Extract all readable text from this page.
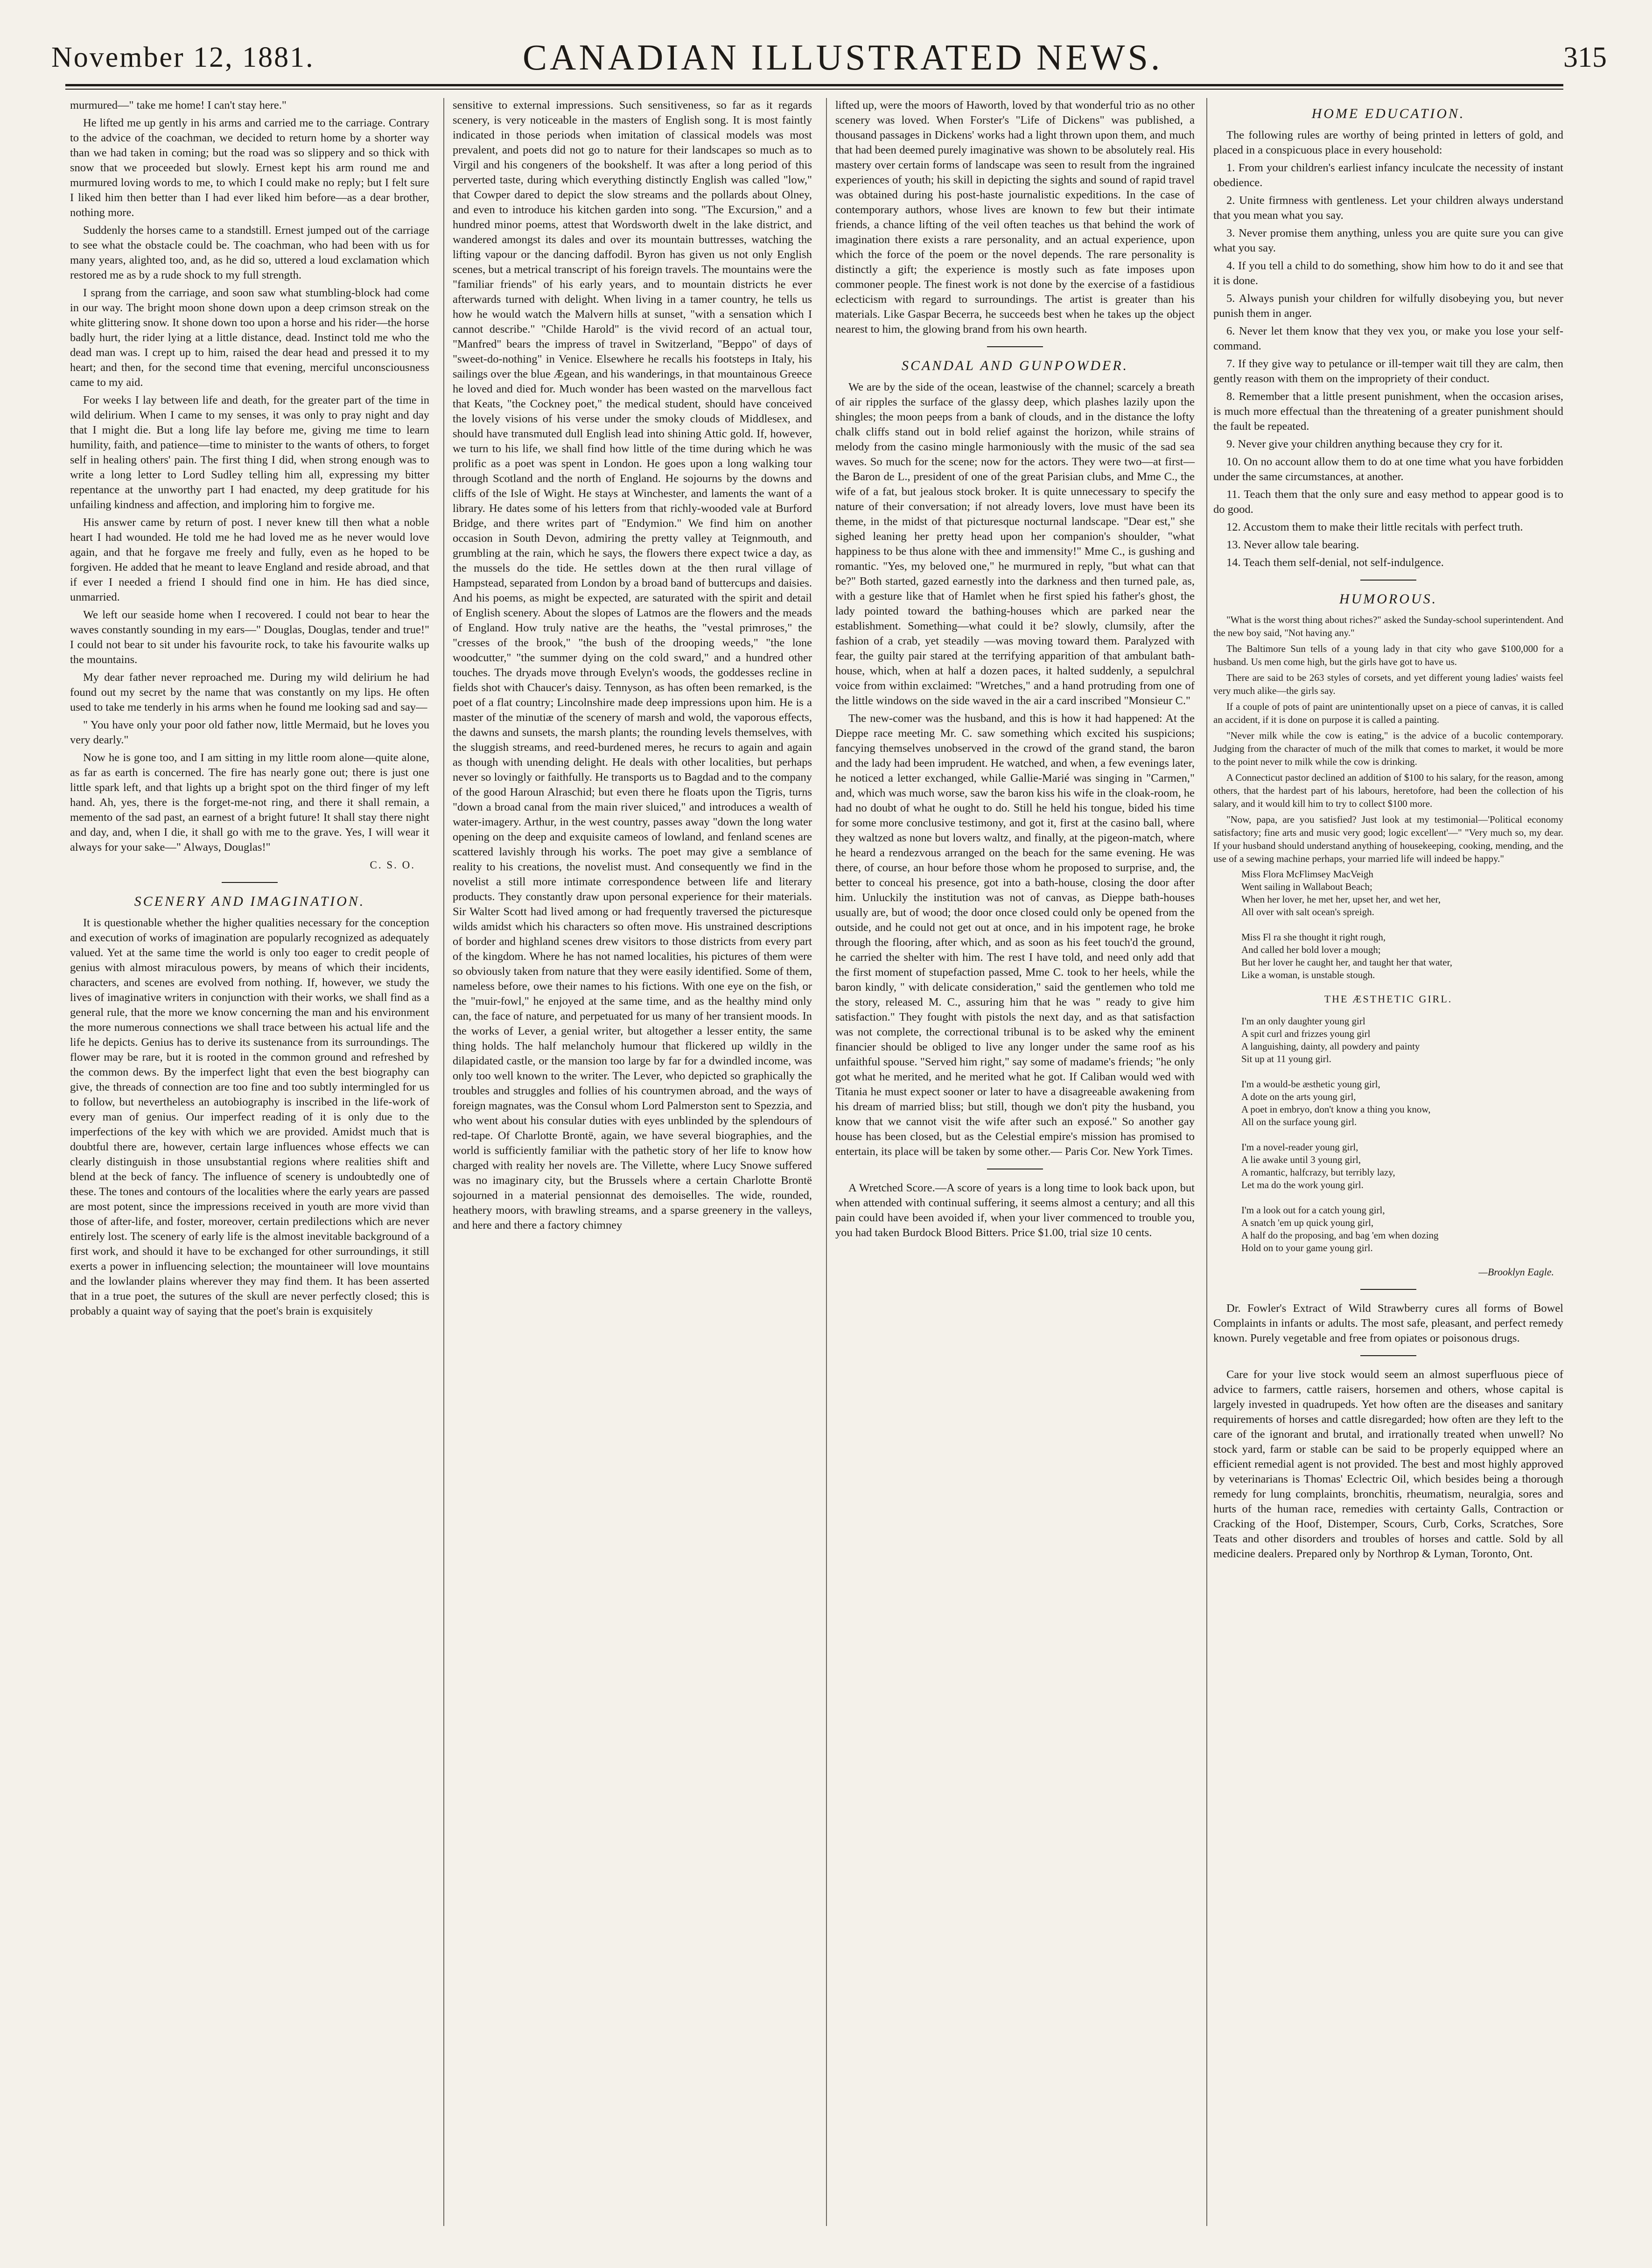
November 12, 1881.	CANADIAN ILLUSTRATED NEWS.	315

murmured—" take me home! I can't stay here."

He lifted me up gently in his arms and carried me to the carriage. Contrary to the advice of the coachman, we decided to return home by a shorter way than we had taken in coming; but the road was so slippery and so thick with snow that we proceeded but slowly. Ernest kept his arm round me and murmured loving words to me, to which I could make no reply; but I felt sure I liked him then better than I had ever liked him before—as a dear brother, nothing more.

Suddenly the horses came to a standstill. Ernest jumped out of the carriage to see what the obstacle could be. The coachman, who had been with us for many years, alighted too, and, as he did so, uttered a loud exclamation which restored me as by a rude shock to my full strength.

I sprang from the carriage, and soon saw what stumbling-block had come in our way. The bright moon shone down upon a deep crimson streak on the white glittering snow. It shone down too upon a horse and his rider—the horse badly hurt, the rider lying at a little distance, dead. Instinct told me who the dead man was. I crept up to him, raised the dear head and pressed it to my heart; and then, for the second time that evening, merciful unconsciousness came to my aid.

For weeks I lay between life and death, for the greater part of the time in wild delirium. When I came to my senses, it was only to pray night and day that I might die. But a long life lay before me, giving me time to learn humility, faith, and patience—time to minister to the wants of others, to forget self in healing others' pain. The first thing I did, when strong enough was to write a long letter to Lord Sudley telling him all, expressing my bitter repentance at the unworthy part I had enacted, my deep gratitude for his unfailing kindness and affection, and imploring him to forgive me.

His answer came by return of post. I never knew till then what a noble heart I had wounded. He told me he had loved me as he never would love again, and that he forgave me freely and fully, even as he hoped to be forgiven. He added that he meant to leave England and reside abroad, and that if ever I needed a friend I should find one in him. He has died since, unmarried.

We left our seaside home when I recovered. I could not bear to hear the waves constantly sounding in my ears—" Douglas, Douglas, tender and true!" I could not bear to sit under his favourite rock, to take his favourite walks up the mountains.

My dear father never reproached me. During my wild delirium he had found out my secret by the name that was constantly on my lips. He often used to take me tenderly in his arms when he found me looking sad and say—

" You have only your poor old father now, little Mermaid, but he loves you very dearly."

Now he is gone too, and I am sitting in my little room alone—quite alone, as far as earth is concerned. The fire has nearly gone out; there is just one little spark left, and that lights up a bright spot on the third finger of my left hand. Ah, yes, there is the forget-me-not ring, and there it shall remain, a memento of the sad past, an earnest of a bright future! It shall stay there night and day, and, when I die, it shall go with me to the grave. Yes, I will wear it always for your sake—" Always, Douglas!"

C. S. O.
SCENERY AND IMAGINATION.

It is questionable whether the higher qualities necessary for the conception and execution of works of imagination are popularly recognized as adequately valued. Yet at the same time the world is only too eager to credit people of genius with almost miraculous powers, by means of which their incidents, characters, and scenes are evolved from nothing. If, however, we study the lives of imaginative writers in conjunction with their works, we shall find as a general rule, that the more we know concerning the man and his environment the more numerous connections we shall trace between his actual life and the life he depicts. Genius has to derive its sustenance from its surroundings. The flower may be rare, but it is rooted in the common ground and refreshed by the common dews. By the imperfect light that even the best biography can give, the threads of connection are too fine and too subtly intermingled for us to follow, but nevertheless an autobiography is inscribed in the life-work of every man of genius. Our imperfect reading of it is only due to the imperfections of the key with which we are provided. Amidst much that is doubtful there are, however, certain large influences whose effects we can clearly distinguish in those unsubstantial regions where realities shift and blend at the beck of fancy. The influence of scenery is undoubtedly one of these. The tones and contours of the localities where the early years are passed are most potent, since the impressions received in youth are more vivid than those of after-life, and foster, moreover, certain predilections which are never entirely lost. The scenery of early life is the almost inevitable background of a first work, and should it have to be exchanged for other surroundings, it still exerts a power in influencing selection; the mountaineer will love mountains and the lowlander plains wherever they may find them. It has been asserted that in a true poet, the sutures of the skull are never perfectly closed; this is probably a quaint way of saying that the poet's brain is exquisitely

sensitive to external impressions. Such sensitiveness, so far as it regards scenery, is very noticeable in the masters of English song. It is most faintly indicated in those periods when imitation of classical models was most prevalent, and poets did not go to nature for their landscapes so much as to Virgil and his congeners of the bookshelf. It was after a long period of this perverted taste, during which everything distinctly English was called "low," that Cowper dared to depict the slow streams and the pollards about Olney, and even to introduce his kitchen garden into song. "The Excursion," and a hundred minor poems, attest that Wordsworth dwelt in the lake district, and wandered amongst its dales and over its mountain buttresses, watching the lifting vapour or the dancing daffodil. Byron has given us not only English scenes, but a metrical transcript of his foreign travels. The mountains were the "familiar friends" of his early years, and to mountain districts he ever afterwards turned with delight. When living in a tamer country, he tells us how he would watch the Malvern hills at sunset, "with a sensation which I cannot describe." "Childe Harold" is the vivid record of an actual tour, "Manfred" bears the impress of travel in Switzerland, "Beppo" of days of "sweet-do-nothing" in Venice. Elsewhere he recalls his footsteps in Italy, his sailings over the blue Ægean, and his wanderings, in that mountainous Greece he loved and died for. Much wonder has been wasted on the marvellous fact that Keats, "the Cockney poet," the medical student, should have conceived the lovely visions of his verse under the smoky clouds of Middlesex, and should have transmuted dull English lead into shining Attic gold. If, however, we turn to his life, we shall find how little of the time during which he was prolific as a poet was spent in London. He goes upon a long walking tour through Scotland and the north of England. He sojourns by the downs and cliffs of the Isle of Wight. He stays at Winchester, and laments the want of a library. He dates some of his letters from that richly-wooded vale at Burford Bridge, and there writes part of "Endymion." We find him on another occasion in South Devon, admiring the pretty valley at Teignmouth, and grumbling at the rain, which he says, the flowers there expect twice a day, as the mussels do the tide. He settles down at the then rural village of Hampstead, separated from London by a broad band of buttercups and daisies. And his poems, as might be expected, are saturated with the spirit and detail of English scenery. About the slopes of Latmos are the flowers and the meads of England. How truly native are the heaths, the "vestal primroses," the "cresses of the brook," "the bush of the drooping weeds," "the lone woodcutter," "the summer dying on the cold sward," and a hundred other touches. The dryads move through Evelyn's woods, the goddesses recline in fields shot with Chaucer's daisy. Tennyson, as has often been remarked, is the poet of a flat country; Lincolnshire made deep impressions upon him. He is a master of the minutiæ of the scenery of marsh and wold, the vaporous effects, the dawns and sunsets, the marsh plants; the rounding levels themselves, with the sluggish streams, and reed-burdened meres, he recurs to again and again as though with unending delight. He deals with other localities, but perhaps never so lovingly or faithfully. He transports us to Bagdad and to the company of the good Haroun Alraschid; but even there he floats upon the Tigris, turns "down a broad canal from the main river sluiced," and introduces a wealth of water-imagery. Arthur, in the west country, passes away "down the long water opening on the deep and exquisite cameos of lowland, and fenland scenes are scattered lavishly through his works. The poet may give a semblance of reality to his creations, the novelist must. And consequently we find in the novelist a still more intimate correspondence between life and literary products. They constantly draw upon personal experience for their materials. Sir Walter Scott had lived among or had frequently traversed the picturesque wilds amidst which his characters so often move. His unstrained descriptions of border and highland scenes drew visitors to those districts from every part of the kingdom. Where he has not named localities, his pictures of them were so obviously taken from nature that they were easily identified. Some of them, nameless before, owe their names to his fictions. With one eye on the fish, or the "muir-fowl," he enjoyed at the same time, and as the healthy mind only can, the face of nature, and perpetuated for us many of her transient moods. In the works of Lever, a genial writer, but altogether a lesser entity, the same thing holds. The half melancholy humour that flickered up wildly in the dilapidated castle, or the mansion too large by far for a dwindled income, was only too well known to the writer. The Lever, who depicted so graphically the troubles and struggles and follies of his countrymen abroad, and the ways of foreign magnates, was the Consul whom Lord Palmerston sent to Spezzia, and who went about his consular duties with eyes unblinded by the splendours of red-tape. Of Charlotte Brontë, again, we have several biographies, and the world is sufficiently familiar with the pathetic story of her life to know how charged with reality her novels are. The Villette, where Lucy Snowe suffered was no imaginary city, but the Brussels where a certain Charlotte Brontë sojourned in a material pensionnat des demoiselles. The wide, rounded, heathery moors, with brawling streams, and a sparse greenery in the valleys, and here and there a factory chimney

lifted up, were the moors of Haworth, loved by that wonderful trio as no other scenery was loved. When Forster's "Life of Dickens" was published, a thousand passages in Dickens' works had a light thrown upon them, and much that had been deemed purely imaginative was shown to be absolutely real. His mastery over certain forms of landscape was seen to result from the ingrained experiences of youth; his skill in depicting the sights and sound of rapid travel was obtained during his post-haste journalistic expeditions. In the case of contemporary authors, whose lives are known to few but their intimate friends, a chance lifting of the veil often teaches us that behind the work of imagination there exists a rare personality, and an actual experience, upon which the force of the poem or the novel depends. The rare personality is distinctly a gift; the experience is mostly such as fate imposes upon commoner people. The finest work is not done by the exercise of a fastidious eclecticism with regard to surroundings. The artist is greater than his materials. Like Gaspar Becerra, he succeeds best when he takes up the object nearest to him, the glowing brand from his own hearth.

SCANDAL AND GUNPOWDER.

We are by the side of the ocean, leastwise of the channel; scarcely a breath of air ripples the surface of the glassy deep, which plashes lazily upon the shingles; the moon peeps from a bank of clouds, and in the distance the lofty chalk cliffs stand out in bold relief against the horizon, while strains of melody from the casino mingle harmoniously with the music of the sad sea waves. So much for the scene; now for the actors. They were two—at first—the Baron de L., president of one of the great Parisian clubs, and Mme C., the wife of a fat, but jealous stock broker. It is quite unnecessary to specify the nature of their conversation; if not already lovers, love must have been its theme, in the midst of that picturesque nocturnal landscape. "Dear est," she sighed leaning her pretty head upon her companion's shoulder, "what happiness to be thus alone with thee and immensity!" Mme C., is gushing and romantic. "Yes, my beloved one," he murmured in reply, "but what can that be?" Both started, gazed earnestly into the darkness and then turned pale, as, with a gesture like that of Hamlet when he first spied his father's ghost, the lady pointed toward the bathing-houses which are parked near the establishment. Something—what could it be? slowly, clumsily, after the fashion of a crab, yet steadily —was moving toward them. Paralyzed with fear, the guilty pair stared at the terrifying apparition of that ambulant bath-house, which, when at half a dozen paces, it halted suddenly, a sepulchral voice from within exclaimed: "Wretches," and a hand protruding from one of the little windows on the side waved in the air a card inscribed "Monsieur C."

The new-comer was the husband, and this is how it had happened: At the Dieppe race meeting Mr. C. saw something which excited his suspicions; fancying themselves unobserved in the crowd of the grand stand, the baron and the lady had been imprudent. He watched, and when, a few evenings later, he noticed a letter exchanged, while Gallie-Marié was singing in "Carmen," and, which was much worse, saw the baron kiss his wife in the cloak-room, he had no doubt of what he ought to do. Still he held his tongue, bided his time for some more conclusive testimony, and got it, first at the casino ball, where they waltzed as none but lovers waltz, and finally, at the pigeon-match, where he heard a rendezvous arranged on the beach for the same evening. He was there, of course, an hour before those whom he proposed to surprise, and, the better to conceal his presence, got into a bath-house, closing the door after him. Unluckily the institution was not of canvas, as Dieppe bath-houses usually are, but of wood; the door once closed could only be opened from the outside, and he could not get out at once, and in his impotent rage, he broke through the flooring, after which, and as soon as his feet touch'd the ground, he carried the shelter with him. The rest I have told, and need only add that the first moment of stupefaction passed, Mme C. took to her heels, while the baron kindly, " with delicate consideration," said the gentlemen who told me the story, released M. C., assuring him that he was " ready to give him satisfaction." They fought with pistols the next day, and as that satisfaction was not complete, the correctional tribunal is to be asked why the eminent financier should be obliged to live any longer under the same roof as his unfaithful spouse. "Served him right," say some of madame's friends; "he only got what he merited, and he merited what he got. If Caliban would wed with Titania he must expect sooner or later to have a disagreeable awakening from his dream of married bliss; but still, though we don't pity the husband, you know that we cannot visit the wife after such an exposé." So another gay house has been closed, but as the Celestial empire's mission has promised to entertain, its place will be taken by some other.— Paris Cor. New York Times.

A Wretched Score.—A score of years is a long time to look back upon, but when attended with continual suffering, it seems almost a century; and all this pain could have been avoided if, when your liver commenced to trouble you, you had taken Burdock Blood Bitters. Price $1.00, trial size 10 cents.

HOME EDUCATION.

The following rules are worthy of being printed in letters of gold, and placed in a conspicuous place in every household:

1. From your children's earliest infancy inculcate the necessity of instant obedience.

2. Unite firmness with gentleness. Let your children always understand that you mean what you say.

3. Never promise them anything, unless you are quite sure you can give what you say.

4. If you tell a child to do something, show him how to do it and see that it is done.

5. Always punish your children for wilfully disobeying you, but never punish them in anger.

6. Never let them know that they vex you, or make you lose your self-command.

7. If they give way to petulance or ill-temper wait till they are calm, then gently reason with them on the impropriety of their conduct.

8. Remember that a little present punishment, when the occasion arises, is much more effectual than the threatening of a greater punishment should the fault be repeated.

9. Never give your children anything because they cry for it.

10. On no account allow them to do at one time what you have forbidden under the same circumstances, at another.

11. Teach them that the only sure and easy method to appear good is to do good.

12. Accustom them to make their little recitals with perfect truth.

13. Never allow tale bearing.

14. Teach them self-denial, not self-indulgence.

HUMOROUS.

"What is the worst thing about riches?" asked the Sunday-school superintendent. And the new boy said, "Not having any."

The Baltimore Sun tells of a young lady in that city who gave $100,000 for a husband. Us men come high, but the girls have got to have us.

There are said to be 263 styles of corsets, and yet different young ladies' waists feel very much alike—the girls say.

If a couple of pots of paint are unintentionally upset on a piece of canvas, it is called an accident, if it is done on purpose it is called a painting.

"Never milk while the cow is eating," is the advice of a bucolic contemporary. Judging from the character of much of the milk that comes to market, it would be more to the point never to milk while the cow is drinking.

A Connecticut pastor declined an addition of $100 to his salary, for the reason, among others, that the hardest part of his labours, heretofore, had been the collection of his salary, and it would kill him to try to collect $100 more.

"Now, papa, are you satisfied? Just look at my testimonial—'Political economy satisfactory; fine arts and music very good; logic excellent'—" "Very much so, my dear. If your husband should understand anything of housekeeping, cooking, mending, and the use of a sewing machine perhaps, your married life will indeed be happy."

Miss Flora McFlimsey MacVeigh

Went sailing in Wallabout Beach;

When her lover, he met her, upset her, and wet her,

All over with salt ocean's spreigh.

Miss Fl ra she thought it right rough,

And called her bold lover a mough;

But her lover he caught her, and taught her that water,

Like a woman, is unstable stough.

THE ÆSTHETIC GIRL.

I'm an only daughter young girl

A spit curl and frizzes young girl

A languishing, dainty, all powdery and painty

Sit up at 11 young girl.

I'm a would-be æsthetic young girl,

A dote on the arts young girl,

A poet in embryo, don't know a thing you know,

All on the surface young girl.

I'm a novel-reader young girl,

A lie awake until 3 young girl,

A romantic, halfcrazy, but terribly lazy,

Let ma do the work young girl.

I'm a look out for a catch young girl,

A snatch 'em up quick young girl,

A half do the proposing, and bag 'em when dozing

Hold on to your game young girl.

—Brooklyn Eagle.

Dr. Fowler's Extract of Wild Strawberry cures all forms of Bowel Complaints in infants or adults. The most safe, pleasant, and perfect remedy known. Purely vegetable and free from opiates or poisonous drugs.

Care for your live stock would seem an almost superfluous piece of advice to farmers, cattle raisers, horsemen and others, whose capital is largely invested in quadrupeds. Yet how often are the diseases and sanitary requirements of horses and cattle disregarded; how often are they left to the care of the ignorant and brutal, and irrationally treated when unwell? No stock yard, farm or stable can be said to be properly equipped where an efficient remedial agent is not provided. The best and most highly approved by veterinarians is Thomas' Eclectric Oil, which besides being a thorough remedy for lung complaints, bronchitis, rheumatism, neuralgia, sores and hurts of the human race, remedies with certainty Galls, Contraction or Cracking of the Hoof, Distemper, Scours, Curb, Corks, Scratches, Sore Teats and other disorders and troubles of horses and cattle. Sold by all medicine dealers. Prepared only by Northrop & Lyman, Toronto, Ont.
